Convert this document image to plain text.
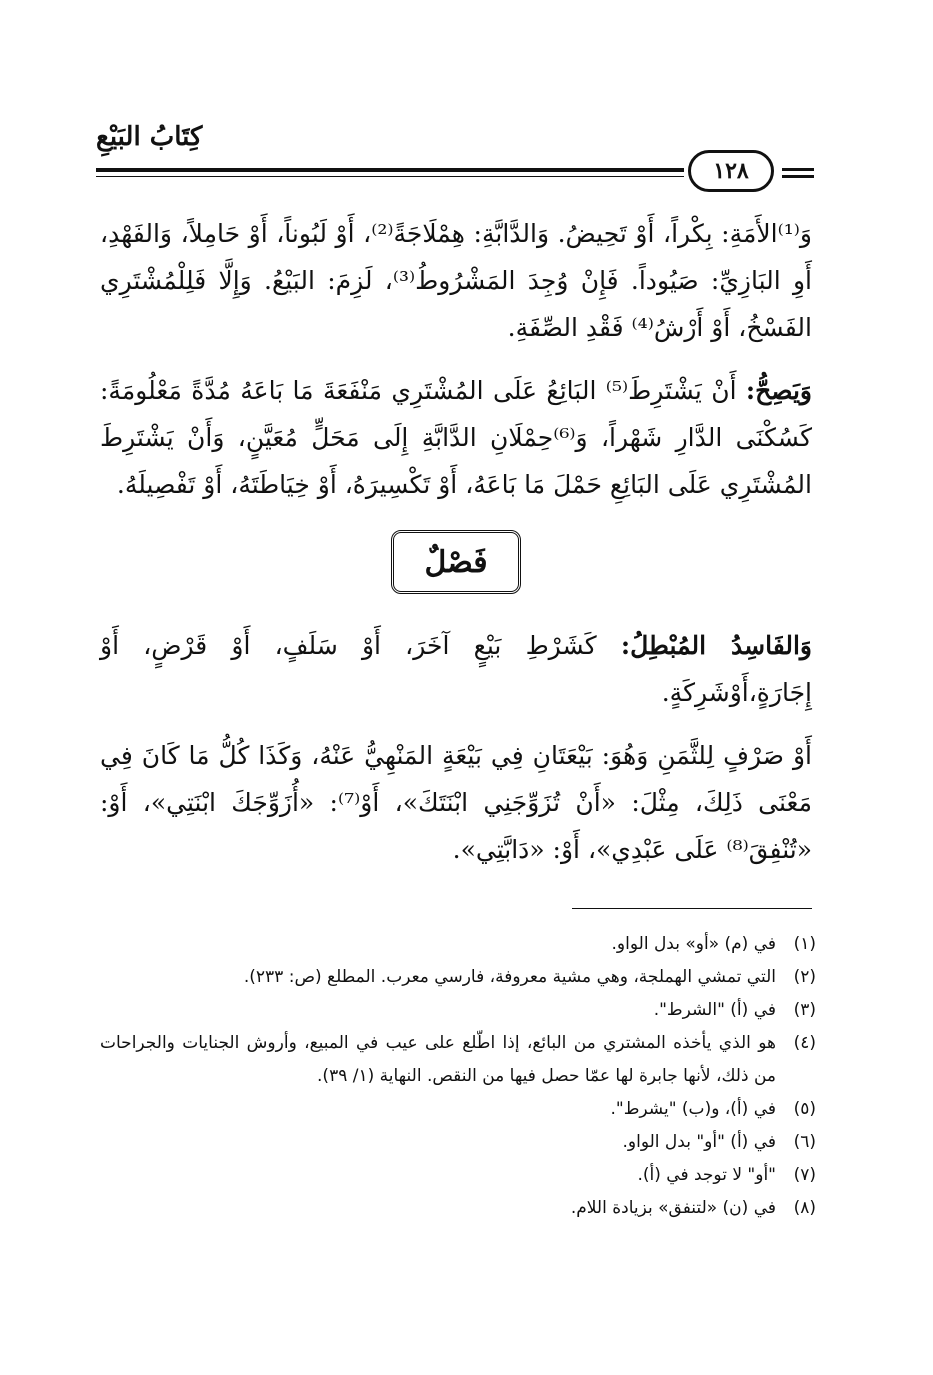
كِتَابُ البَيْعِ
١٢٨

وَ⁽¹⁾الأَمَةِ: بِكْراً، أَوْ تَحِيضُ. وَالدَّابَّةِ: هِمْلَاجَةً⁽²⁾، أَوْ لَبُوناً، أَوْ حَامِلاً، وَالفَهْدِ، أَوِ البَازِيِّ: صَيُوداً. فَإِنْ وُجِدَ المَشْرُوطُ⁽³⁾، لَزِمَ: البَيْعُ. وَإِلَّا فَلِلْمُشْتَرِي الفَسْخُ، أَوْ أَرْشُ⁽⁴⁾ فَقْدِ الصِّفَةِ.

وَيَصِحُّ: أَنْ يَشْتَرِطَ⁽⁵⁾ البَائِعُ عَلَى المُشْتَرِي مَنْفَعَةَ مَا بَاعَهُ مُدَّةً مَعْلُومَةً: كَسُكْنَى الدَّارِ شَهْراً، وَ⁽⁶⁾حِمْلَانِ الدَّابَّةِ إِلَى مَحَلٍّ مُعَيَّنٍ، وَأَنْ يَشْتَرِطَ المُشْتَرِي عَلَى البَائِعِ حَمْلَ مَا بَاعَهُ، أَوْ تَكْسِيرَهُ، أَوْ خِيَاطَتَهُ، أَوْ تَفْصِيلَهُ.

فَصْلٌ

وَالفَاسِدُ المُبْطِلُ: كَشَرْطِ بَيْعٍ آخَرَ، أَوْ سَلَفٍ، أَوْ قَرْضٍ، أَوْ إِجَارَةٍ،أَوْشَرِكَةٍ.

أَوْ صَرْفٍ لِلثَّمَنِ وَهُوَ: بَيْعَتَانِ فِي بَيْعَةٍ المَنْهِيُّ عَنْهُ، وَكَذَا كُلُّ مَا كَانَ فِي مَعْنَى ذَلِكَ، مِثْلَ: «أَنْ تُزَوِّجَنِي ابْنَتَكَ»، أَوْ⁽⁷⁾: «أُزَوِّجَكَ ابْنَتِي»، أَوْ: «تُنْفِقَ⁽⁸⁾ عَلَى عَبْدِي»، أَوْ: «دَابَّتِي».

(١)
في (م) «أو» بدل الواو.
(٢)
التي تمشي الهملجة، وهي مشية معروفة، فارسي معرب. المطلع (ص: ٢٣٣).
(٣)
في (أ) "الشرط".
(٤)
هو الذي يأخذه المشتري من البائع، إذا اطّلع على عيب في المبيع، وأروش الجنايات والجراحات من ذلك، لأنها جابرة لها عمّا حصل فيها من النقص. النهاية (١/ ٣٩).
(٥)
في (أ)، و(ب) "يشرط".
(٦)
في (أ) "أو" بدل الواو.
(٧)
"أو" لا توجد في (أ).
(٨)
في (ن) «لتنفق» بزيادة اللام.
